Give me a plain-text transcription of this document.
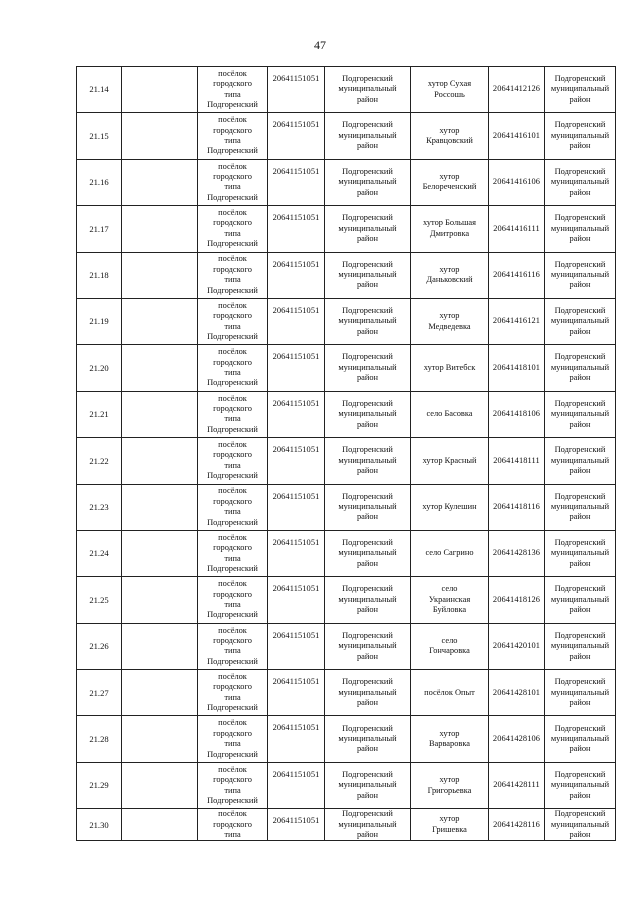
47
21.14		посёлок
городского
типа
Подгоренский	20641151051	Подгоренский
муниципальный
район	хутор Сухая
Россошь	20641412126	Подгоренский
муниципальный
район
21.15		посёлок
городского
типа
Подгоренский	20641151051	Подгоренский
муниципальный
район	хутор
Кравцовский	20641416101	Подгоренский
муниципальный
район
21.16		посёлок
городского
типа
Подгоренский	20641151051	Подгоренский
муниципальный
район	хутор
Белореченский	20641416106	Подгоренский
муниципальный
район
21.17		посёлок
городского
типа
Подгоренский	20641151051	Подгоренский
муниципальный
район	хутор Большая
Дмитровка	20641416111	Подгоренский
муниципальный
район
21.18		посёлок
городского
типа
Подгоренский	20641151051	Подгоренский
муниципальный
район	хутор
Даньковский	20641416116	Подгоренский
муниципальный
район
21.19		посёлок
городского
типа
Подгоренский	20641151051	Подгоренский
муниципальный
район	хутор
Медведевка	20641416121	Подгоренский
муниципальный
район
21.20		посёлок
городского
типа
Подгоренский	20641151051	Подгоренский
муниципальный
район	хутор Витебск	20641418101	Подгоренский
муниципальный
район
21.21		посёлок
городского
типа
Подгоренский	20641151051	Подгоренский
муниципальный
район	село Басовка	20641418106	Подгоренский
муниципальный
район
21.22		посёлок
городского
типа
Подгоренский	20641151051	Подгоренский
муниципальный
район	хутор Красный	20641418111	Подгоренский
муниципальный
район
21.23		посёлок
городского
типа
Подгоренский	20641151051	Подгоренский
муниципальный
район	хутор Кулешин	20641418116	Подгоренский
муниципальный
район
21.24		посёлок
городского
типа
Подгоренский	20641151051	Подгоренский
муниципальный
район	село Сагрино	20641428136	Подгоренский
муниципальный
район
21.25		посёлок
городского
типа
Подгоренский	20641151051	Подгоренский
муниципальный
район	село
Украинская
Буйловка	20641418126	Подгоренский
муниципальный
район
21.26		посёлок
городского
типа
Подгоренский	20641151051	Подгоренский
муниципальный
район	село
Гончаровка	20641420101	Подгоренский
муниципальный
район
21.27		посёлок
городского
типа
Подгоренский	20641151051	Подгоренский
муниципальный
район	посёлок Опыт	20641428101	Подгоренский
муниципальный
район
21.28		посёлок
городского
типа
Подгоренский	20641151051	Подгоренский
муниципальный
район	хутор
Варваровка	20641428106	Подгоренский
муниципальный
район
21.29		посёлок
городского
типа
Подгоренский	20641151051	Подгоренский
муниципальный
район	хутор
Григорьевка	20641428111	Подгоренский
муниципальный
район
21.30		посёлок
городского
типа	20641151051	Подгоренский
муниципальный
район	хутор
Гришевка	20641428116	Подгоренский
муниципальный
район
